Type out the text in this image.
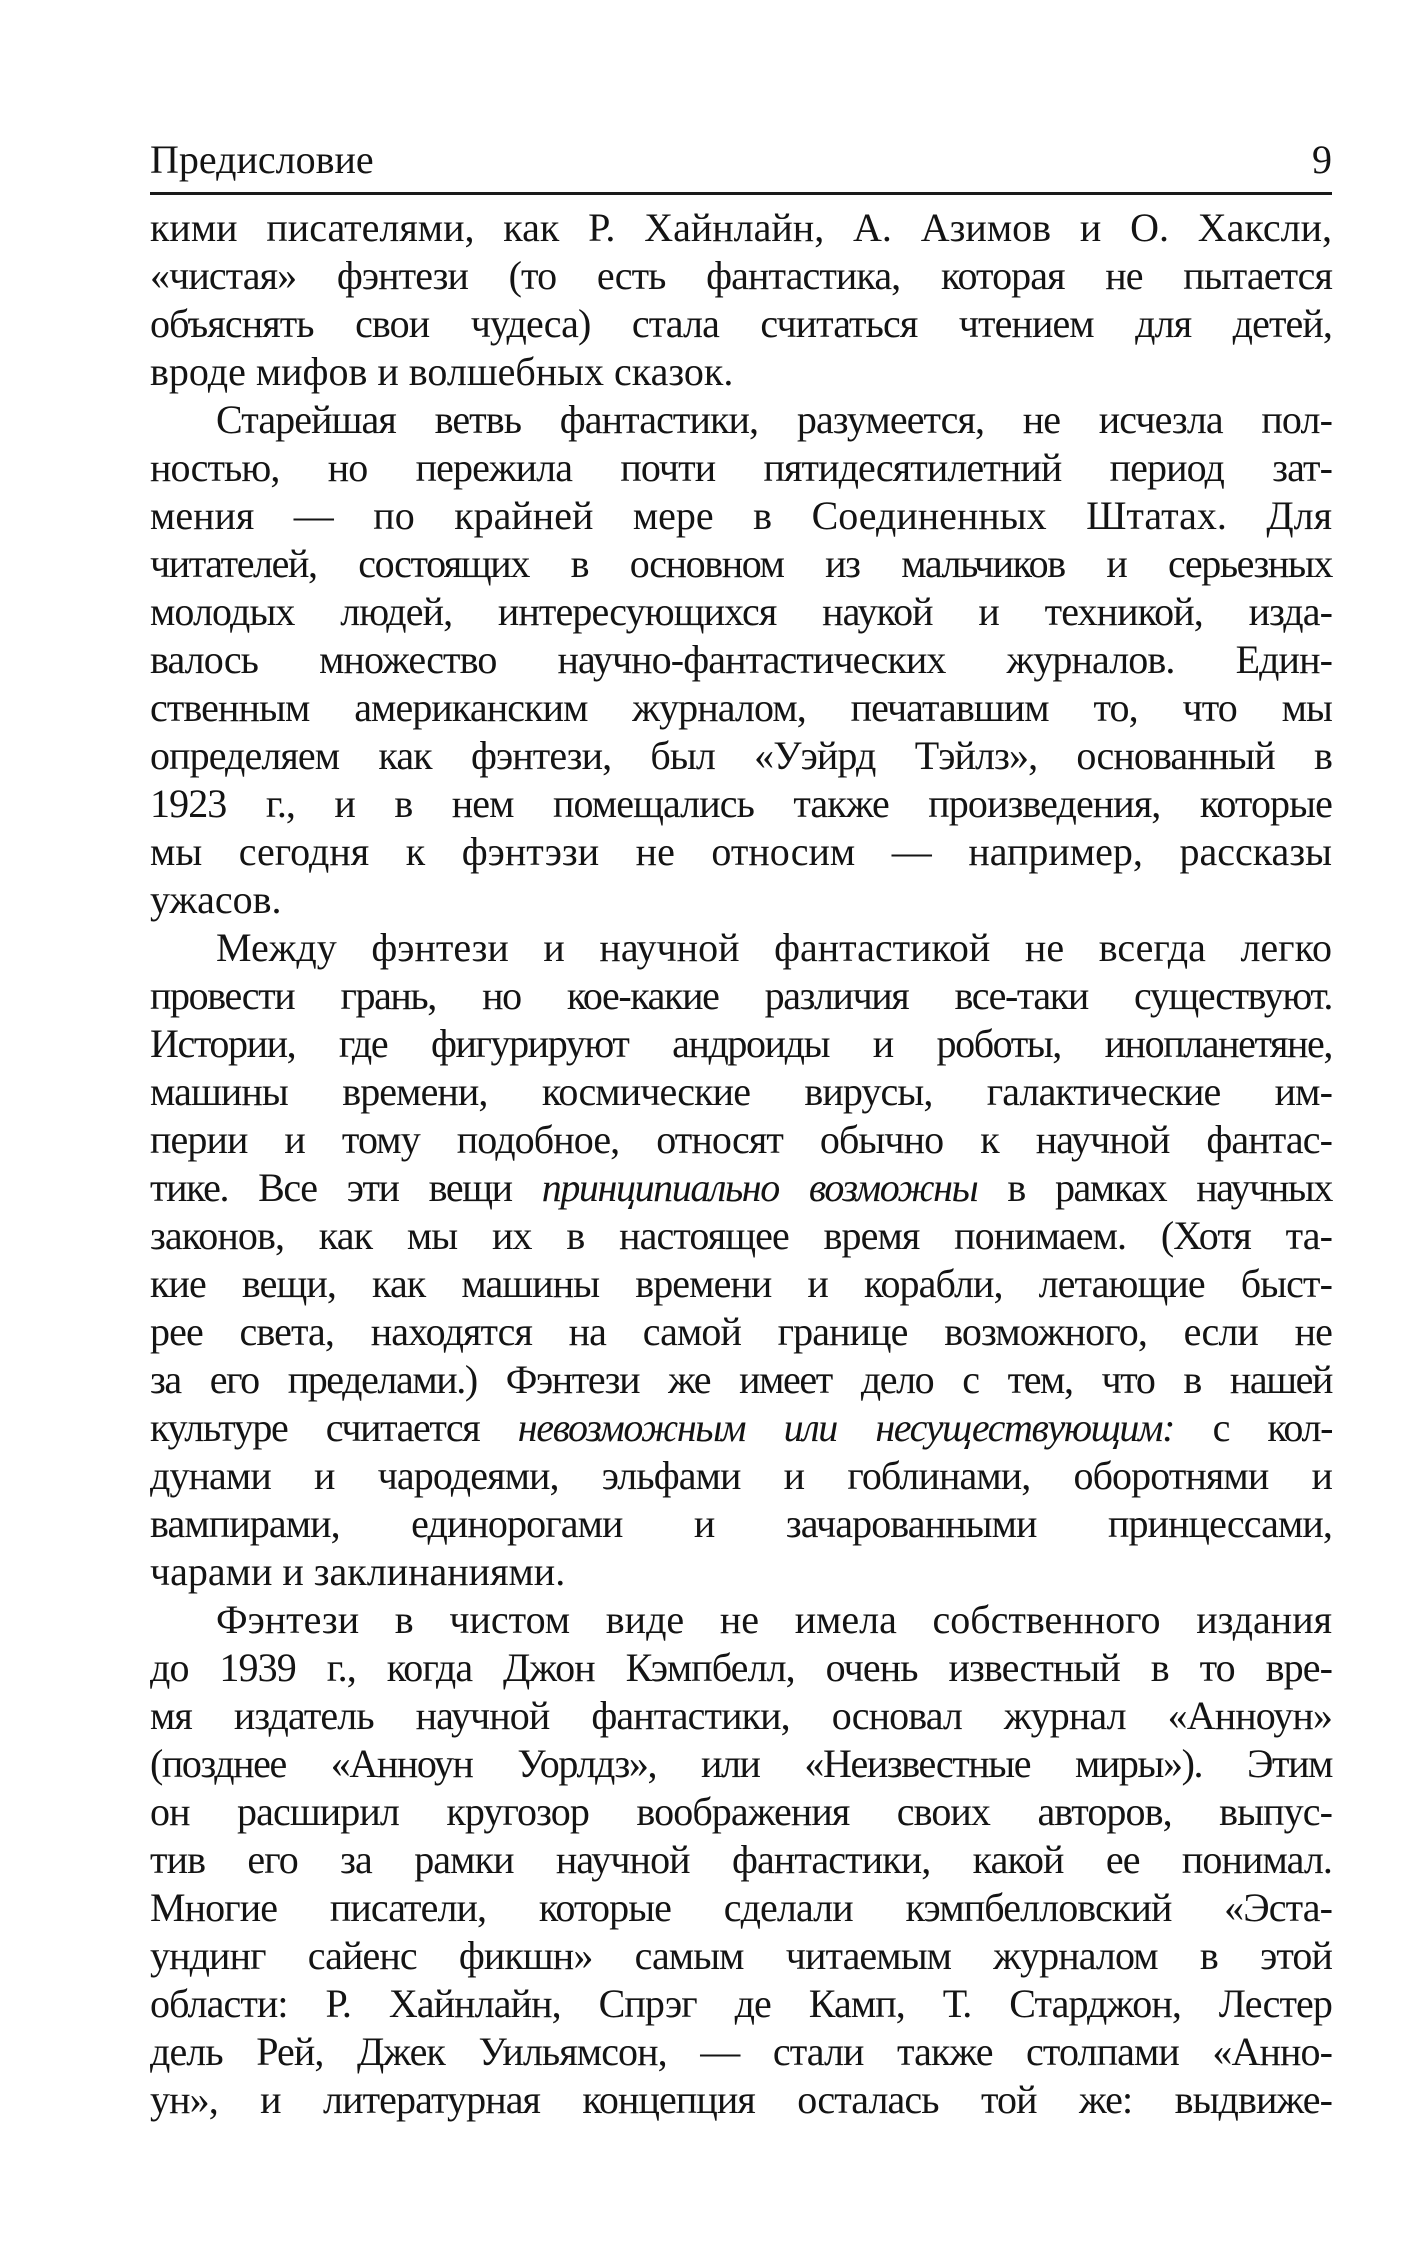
Предисловие	9
кими писателями, как Р. Хайнлайн, А. Азимов и О. Хаксли,
«чистая» фэнтези (то есть фантастика, которая не пытается
объяснять свои чудеса) стала считаться чтением для детей,
вроде мифов и волшебных сказок.
Старейшая ветвь фантастики, разумеется, не исчезла пол-
ностью, но пережила почти пятидесятилетний период зат-
мения — по крайней мере в Соединенных Штатах. Для
читателей, состоящих в основном из мальчиков и серьезных
молодых людей, интересующихся наукой и техникой, изда-
валось множество научно-фантастических журналов. Един-
ственным американским журналом, печатавшим то, что мы
определяем как фэнтези, был «Уэйрд Тэйлз», основанный в
1923 г., и в нем помещались также произведения, которые
мы сегодня к фэнтэзи не относим — например, рассказы
ужасов.
Между фэнтези и научной фантастикой не всегда легко
провести грань, но кое-какие различия все-таки существуют.
Истории, где фигурируют андроиды и роботы, инопланетяне,
машины времени, космические вирусы, галактические им-
перии и тому подобное, относят обычно к научной фантас-
тике. Все эти вещи принципиально возможны в рамках научных
законов, как мы их в настоящее время понимаем. (Хотя та-
кие вещи, как машины времени и корабли, летающие быст-
рее света, находятся на самой границе возможного, если не
за его пределами.) Фэнтези же имеет дело с тем, что в нашей
культуре считается невозможным или несуществующим: с кол-
дунами и чародеями, эльфами и гоблинами, оборотнями и
вампирами, единорогами и зачарованными принцессами,
чарами и заклинаниями.
Фэнтези в чистом виде не имела собственного издания
до 1939 г., когда Джон Кэмпбелл, очень известный в то вре-
мя издатель научной фантастики, основал журнал «Анноун»
(позднее «Анноун Уорлдз», или «Неизвестные миры»). Этим
он расширил кругозор воображения своих авторов, выпус-
тив его за рамки научной фантастики, какой ее понимал.
Многие писатели, которые сделали кэмпбелловский «Эста-
ундинг сайенс фикшн» самым читаемым журналом в этой
области: Р. Хайнлайн, Спрэг де Камп, Т. Старджон, Лестер
дель Рей, Джек Уильямсон, — стали также столпами «Анно-
ун», и литературная концепция осталась той же: выдвиже-
